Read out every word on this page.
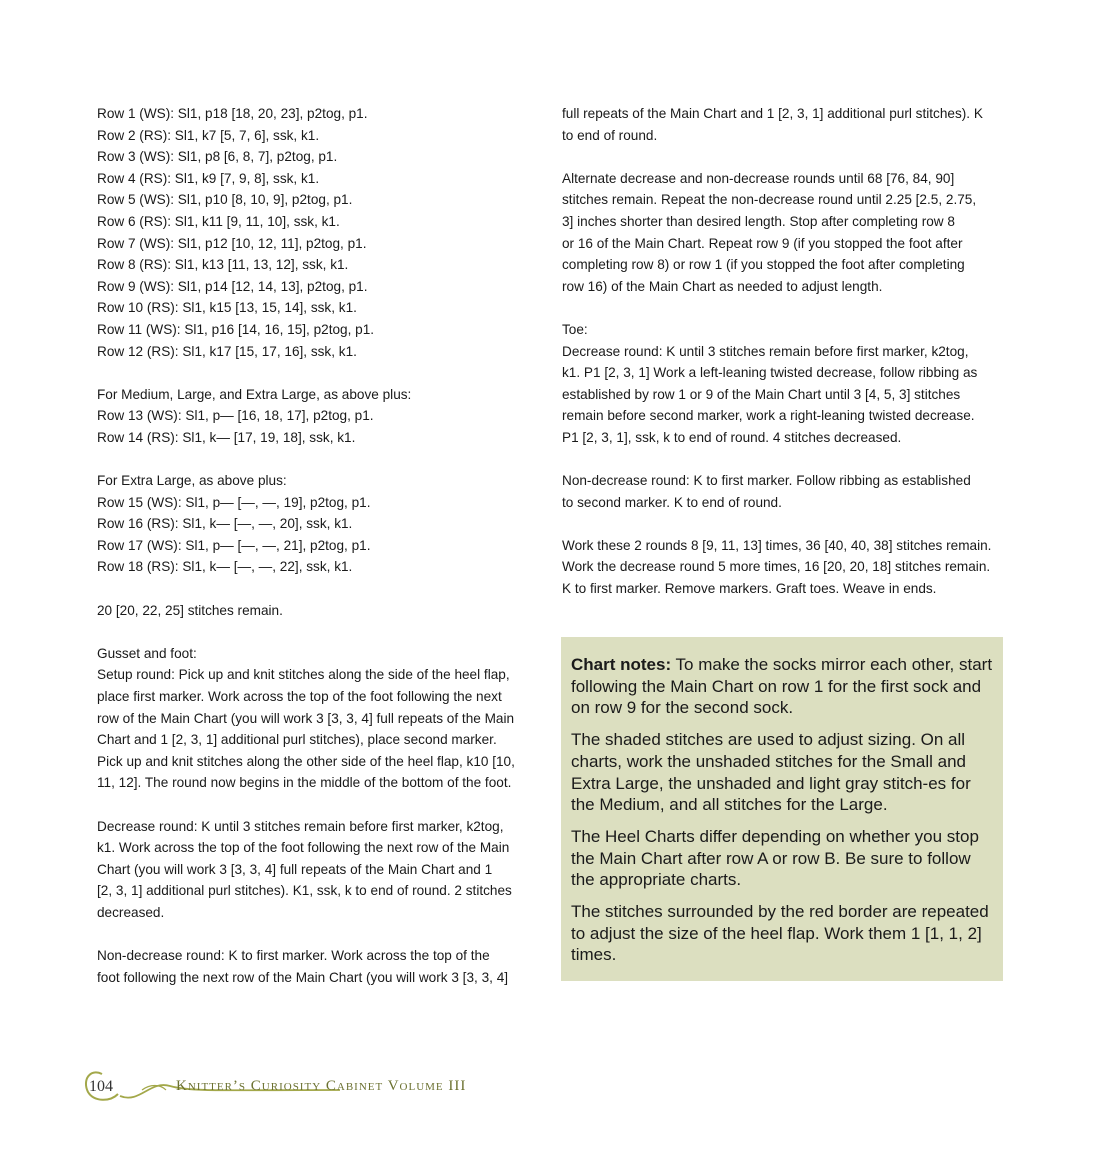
Row 1 (WS): Sl1, p18 [18, 20, 23], p2tog, p1.
Row 2 (RS): Sl1, k7 [5, 7, 6], ssk, k1.
Row 3 (WS): Sl1, p8 [6, 8, 7], p2tog, p1.
Row 4 (RS): Sl1, k9 [7, 9, 8], ssk, k1.
Row 5 (WS): Sl1, p10 [8, 10, 9], p2tog, p1.
Row 6 (RS): Sl1, k11 [9, 11, 10], ssk, k1.
Row 7 (WS): Sl1, p12 [10, 12, 11], p2tog, p1.
Row 8 (RS): Sl1, k13 [11, 13, 12], ssk, k1.
Row 9 (WS): Sl1, p14 [12, 14, 13], p2tog, p1.
Row 10 (RS): Sl1, k15 [13, 15, 14], ssk, k1.
Row 11 (WS): Sl1, p16 [14, 16, 15], p2tog, p1.
Row 12 (RS): Sl1, k17 [15, 17, 16], ssk, k1.
For Medium, Large, and Extra Large, as above plus:
Row 13 (WS): Sl1, p— [16, 18, 17], p2tog, p1.
Row 14 (RS): Sl1, k— [17, 19, 18], ssk, k1.
For Extra Large, as above plus:
Row 15 (WS): Sl1, p— [—, —, 19], p2tog, p1.
Row 16 (RS): Sl1, k— [—, —, 20], ssk, k1.
Row 17 (WS): Sl1, p— [—, —, 21], p2tog, p1.
Row 18 (RS): Sl1, k— [—, —, 22], ssk, k1.
20 [20, 22, 25] stitches remain.
Gusset and foot:
Setup round: Pick up and knit stitches along the side of the heel flap,
place first marker. Work across the top of the foot following the next
row of the Main Chart (you will work 3 [3, 3, 4] full repeats of the Main
Chart and 1 [2, 3, 1] additional purl stitches), place second marker.
Pick up and knit stitches along the other side of the heel flap, k10 [10,
11, 12]. The round now begins in the middle of the bottom of the foot.
Decrease round: K until 3 stitches remain before first marker, k2tog,
k1. Work across the top of the foot following the next row of the Main
Chart (you will work 3 [3, 3, 4] full repeats of the Main Chart and 1
[2, 3, 1] additional purl stitches). K1, ssk, k to end of round. 2 stitches
decreased.
Non-decrease round: K to first marker. Work across the top of the
foot following the next row of the Main Chart (you will work 3 [3, 3, 4]
full repeats of the Main Chart and 1 [2, 3, 1] additional purl stitches). K
to end of round.
Alternate decrease and non-decrease rounds until 68 [76, 84, 90]
stitches remain. Repeat the non-decrease round until 2.25 [2.5, 2.75,
3] inches shorter than desired length. Stop after completing row 8
or 16 of the Main Chart. Repeat row 9 (if you stopped the foot after
completing row 8) or row 1 (if you stopped the foot after completing
row 16) of the Main Chart as needed to adjust length.
Toe:
Decrease round: K until 3 stitches remain before first marker, k2tog,
k1. P1 [2, 3, 1] Work a left-leaning twisted decrease, follow ribbing as
established by row 1 or 9 of the Main Chart until 3 [4, 5, 3] stitches
remain before second marker, work a right-leaning twisted decrease.
P1 [2, 3, 1], ssk, k to end of round. 4 stitches decreased.
Non-decrease round: K to first marker. Follow ribbing as established
to second marker. K to end of round.
Work these 2 rounds 8 [9, 11, 13] times, 36 [40, 40, 38] stitches remain.
Work the decrease round 5 more times, 16 [20, 20, 18] stitches remain.
K to first marker. Remove markers. Graft toes. Weave in ends.

Chart notes: To make the socks mirror each other, start following the Main Chart on row 1 for the first sock and on row 9 for the second sock.

The shaded stitches are used to adjust sizing. On all charts, work the unshaded stitches for the Small and Extra Large, the unshaded and light gray stitch-es for the Medium, and all stitches for the Large.

The Heel Charts differ depending on whether you stop the Main Chart after row A or row B. Be sure to follow the appropriate charts.

The stitches surrounded by the red border are repeated to adjust the size of the heel flap. Work them 1 [1, 1, 2] times.

104	Knitter’s Curiosity Cabinet Volume III
